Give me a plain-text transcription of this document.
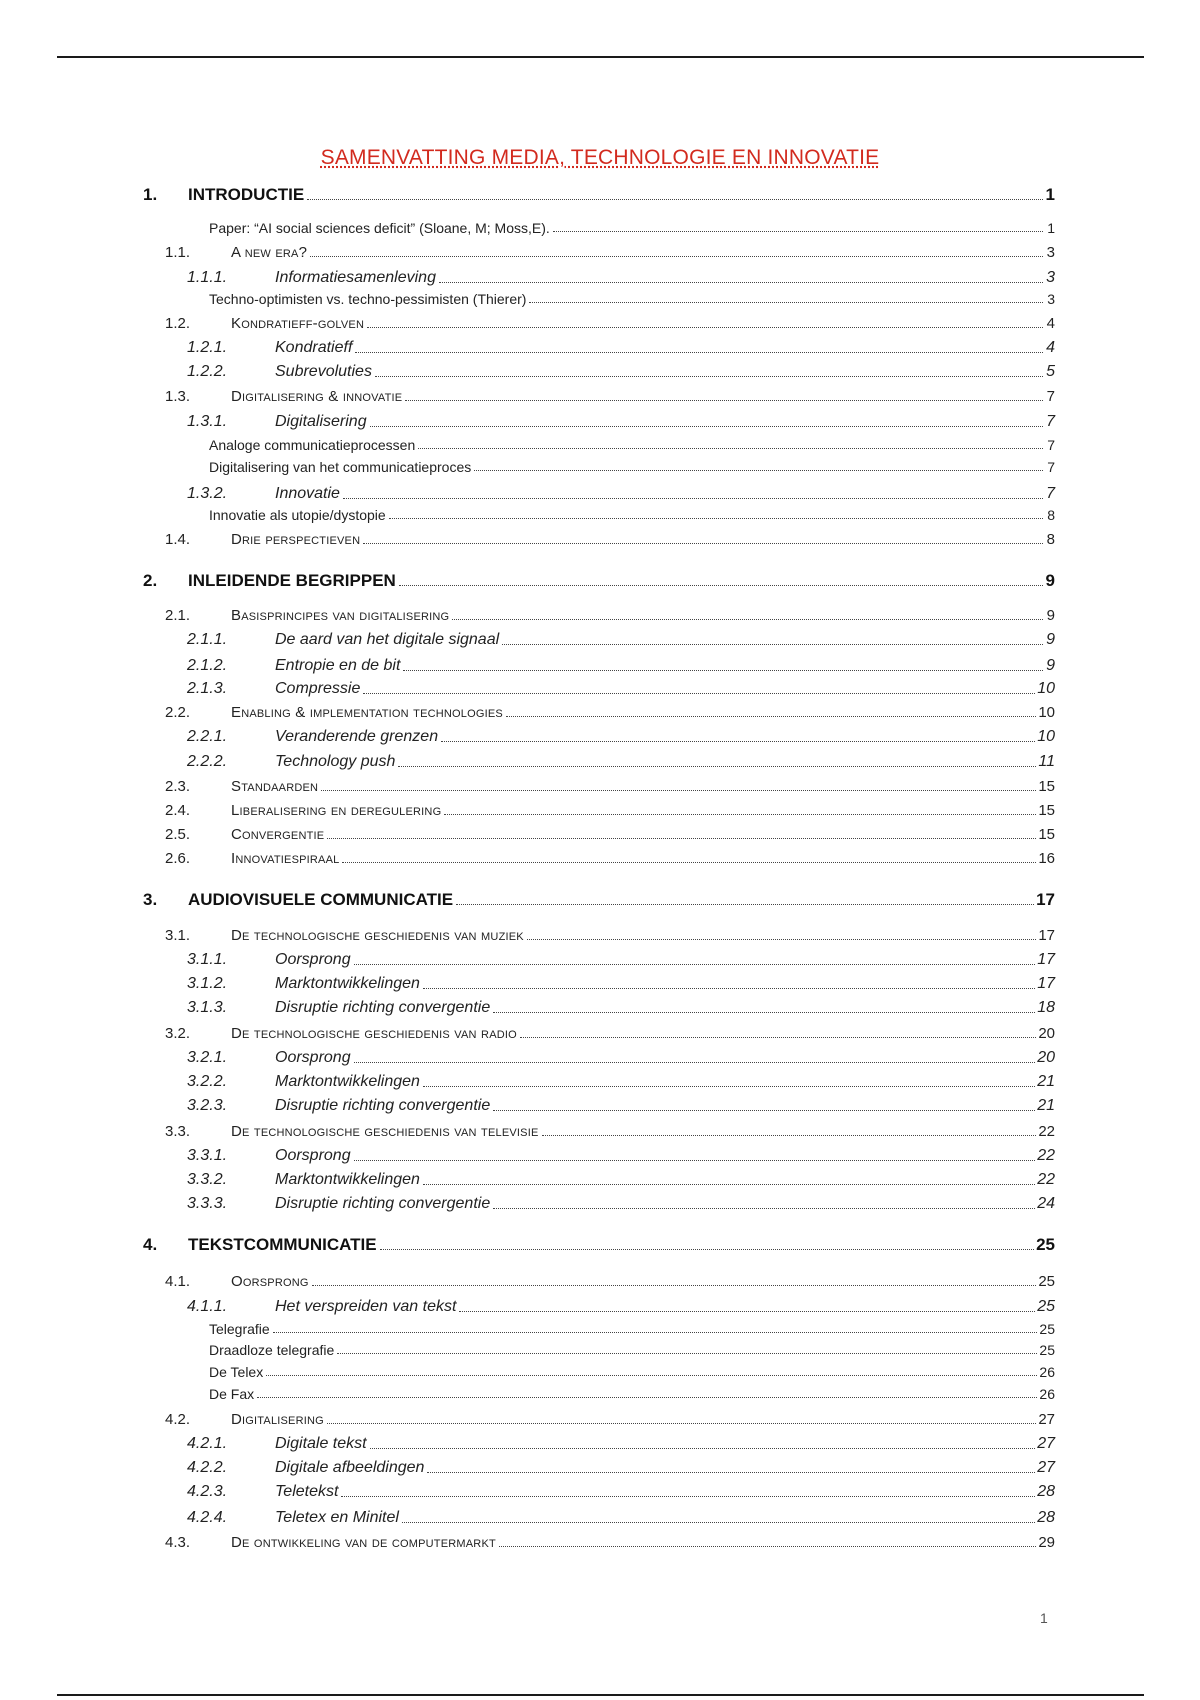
SAMENVATTING MEDIA, TECHNOLOGIE EN INNOVATIE
1.	INTRODUCTIE	1
Paper: “AI social sciences deficit” (Sloane, M; Moss,E).	1
1.1.	A new era?	3
1.1.1.	Informatiesamenleving	3
Techno-optimisten vs. techno-pessimisten (Thierer)	3
1.2.	Kondratieff-golven	4
1.2.1.	Kondratieff	4
1.2.2.	Subrevoluties	5
1.3.	Digitalisering & innovatie	7
1.3.1.	Digitalisering	7
Analoge communicatieprocessen	7
Digitalisering van het communicatieproces	7
1.3.2.	Innovatie	7
Innovatie als utopie/dystopie	8
1.4.	Drie perspectieven	8
2.	INLEIDENDE BEGRIPPEN	9
2.1.	Basisprincipes van digitalisering	9
2.1.1.	De aard van het digitale signaal	9
2.1.2.	Entropie en de bit	9
2.1.3.	Compressie	10
2.2.	Enabling & implementation technologies	10
2.2.1.	Veranderende grenzen	10
2.2.2.	Technology push	11
2.3.	Standaarden	15
2.4.	Liberalisering en deregulering	15
2.5.	Convergentie	15
2.6.	Innovatiespiraal	16
3.	AUDIOVISUELE COMMUNICATIE	17
3.1.	De technologische geschiedenis van muziek	17
3.1.1.	Oorsprong	17
3.1.2.	Marktontwikkelingen	17
3.1.3.	Disruptie richting convergentie	18
3.2.	De technologische geschiedenis van radio	20
3.2.1.	Oorsprong	20
3.2.2.	Marktontwikkelingen	21
3.2.3.	Disruptie richting convergentie	21
3.3.	De technologische geschiedenis van televisie	22
3.3.1.	Oorsprong	22
3.3.2.	Marktontwikkelingen	22
3.3.3.	Disruptie richting convergentie	24
4.	TEKSTCOMMUNICATIE	25
4.1.	Oorsprong	25
4.1.1.	Het verspreiden van tekst	25
Telegrafie	25
Draadloze telegrafie	25
De Telex	26
De Fax	26
4.2.	Digitalisering	27
4.2.1.	Digitale tekst	27
4.2.2.	Digitale afbeeldingen	27
4.2.3.	Teletekst	28
4.2.4.	Teletex en Minitel	28
4.3.	De ontwikkeling van de computermarkt	29
1
